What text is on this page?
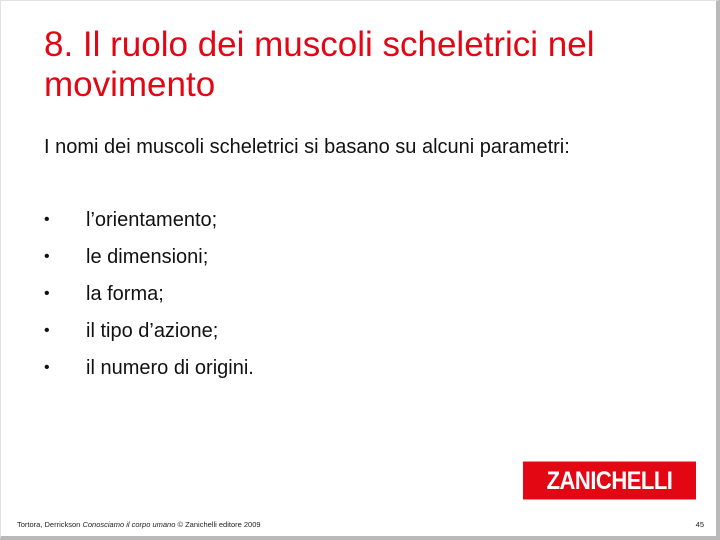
8. Il ruolo dei muscoli scheletrici nel movimento

I nomi dei muscoli scheletrici si basano su alcuni parametri:

•	l’orientamento;
•	le dimensioni;
•	la forma;
•	il tipo d’azione;
•	il numero di origini.
ZANICHELLI
Tortora, Derrickson Conosciamo il corpo umano © Zanichelli editore 2009	45
